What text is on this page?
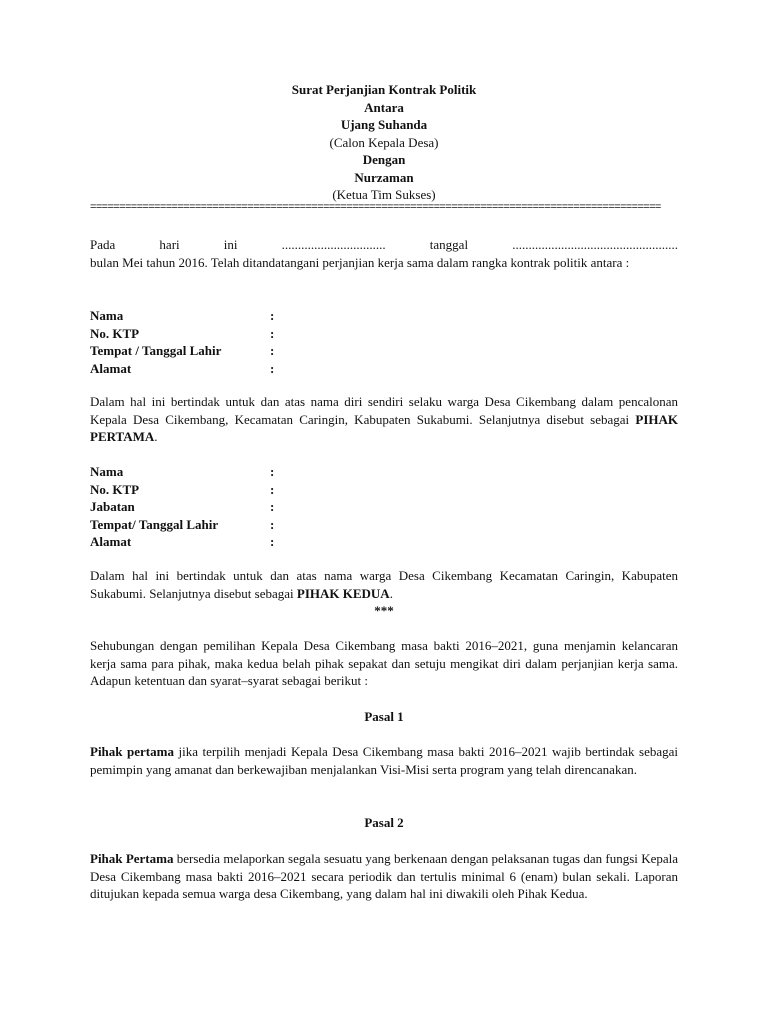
Surat Perjanjian Kontrak Politik
Antara
Ujang Suhanda
(Calon Kepala Desa)
Dengan
Nurzaman
(Ketua Tim Sukses)
==================================================================================================
Pada	hari	ini	................................	tanggal	...................................................
bulan Mei tahun 2016. Telah ditandatangani perjanjian kerja sama dalam rangka kontrak politik antara :
Nama	:
No. KTP	:
Tempat / Tanggal Lahir	:
Alamat	:
Dalam hal ini bertindak untuk dan atas nama diri sendiri selaku warga Desa Cikembang dalam pencalonan Kepala Desa Cikembang, Kecamatan Caringin, Kabupaten Sukabumi. Selanjutnya disebut sebagai PIHAK PERTAMA.
Nama	:
No. KTP	:
Jabatan	:
Tempat/ Tanggal Lahir	:
Alamat	:
Dalam hal ini bertindak untuk dan atas nama warga Desa Cikembang Kecamatan Caringin, Kabupaten Sukabumi. Selanjutnya disebut sebagai PIHAK KEDUA.
***
Sehubungan dengan pemilihan Kepala Desa Cikembang masa bakti 2016–2021, guna menjamin kelancaran kerja sama para pihak, maka kedua belah pihak sepakat dan setuju mengikat diri dalam perjanjian kerja sama. Adapun ketentuan dan syarat–syarat sebagai berikut :
Pasal 1
Pihak pertama jika terpilih menjadi Kepala Desa Cikembang masa bakti 2016–2021 wajib bertindak sebagai pemimpin yang amanat dan berkewajiban menjalankan Visi-Misi serta program yang telah direncanakan.
Pasal 2
Pihak Pertama bersedia melaporkan segala sesuatu yang berkenaan dengan pelaksanan tugas dan fungsi Kepala Desa Cikembang masa bakti 2016–2021 secara periodik dan tertulis minimal 6 (enam) bulan sekali. Laporan ditujukan kepada semua warga desa Cikembang, yang dalam hal ini diwakili oleh Pihak Kedua.
